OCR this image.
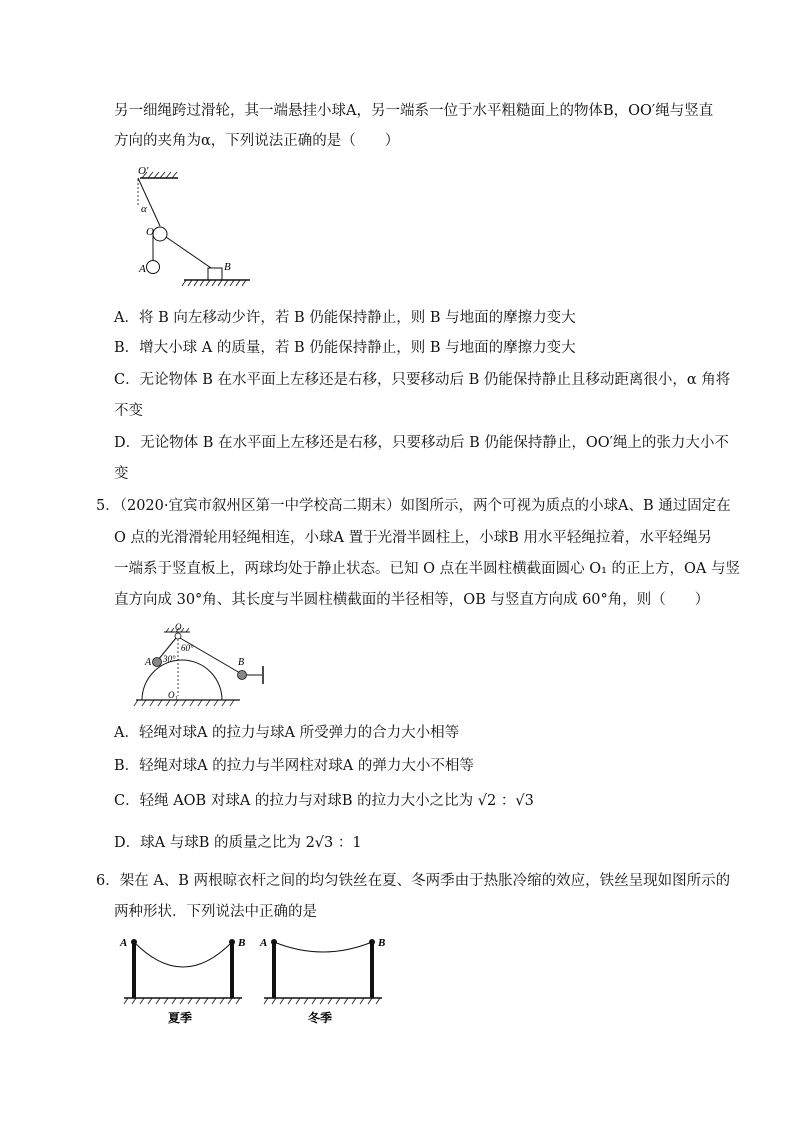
另一细绳跨过滑轮，其一端悬挂小球A，另一端系一位于水平粗糙面上的物体B，OO′绳与竖直
方向的夹角为α，下列说法正确的是（　　）
O′
α
O
A	B
A．将 B 向左移动少许，若 B 仍能保持静止，则 B 与地面的摩擦力变大
B．增大小球 A 的质量，若 B 仍能保持静止，则 B 与地面的摩擦力变大
C．无论物体 B 在水平面上左移还是右移，只要移动后 B 仍能保持静止且移动距离很小，α 角将
不变
D．无论物体 B 在水平面上左移还是右移，只要移动后 B 仍能保持静止，OO′绳上的张力大小不
变
5．（2020·宜宾市叙州区第一中学校高二期末）如图所示，两个可视为质点的小球A、B 通过固定在
O 点的光滑滑轮用轻绳相连，小球A 置于光滑半圆柱上，小球B 用水平轻绳拉着，水平轻绳另
一端系于竖直板上，两球均处于静止状态。已知 O 点在半圆柱横截面圆心 O₁ 的正上方，OA 与竖
直方向成 30°角、其长度与半圆柱横截面的半径相等，OB 与竖直方向成 60°角，则（　　）
O
A 30°	B
60°
O₁
A．轻绳对球A 的拉力与球A 所受弹力的合力大小相等
B．轻绳对球A 的拉力与半网柱对球A 的弹力大小不相等
C．轻绳 AOB 对球A 的拉力与对球B 的拉力大小之比为 √2 ：√3
D．球A 与球B 的质量之比为 2√3 ：1
6．架在 A、B 两根晾衣杆之间的均匀铁丝在夏、冬两季由于热胀冷缩的效应，铁丝呈现如图所示的
两种形状．下列说法中正确的是
A	B
夏季
A	B
冬季
